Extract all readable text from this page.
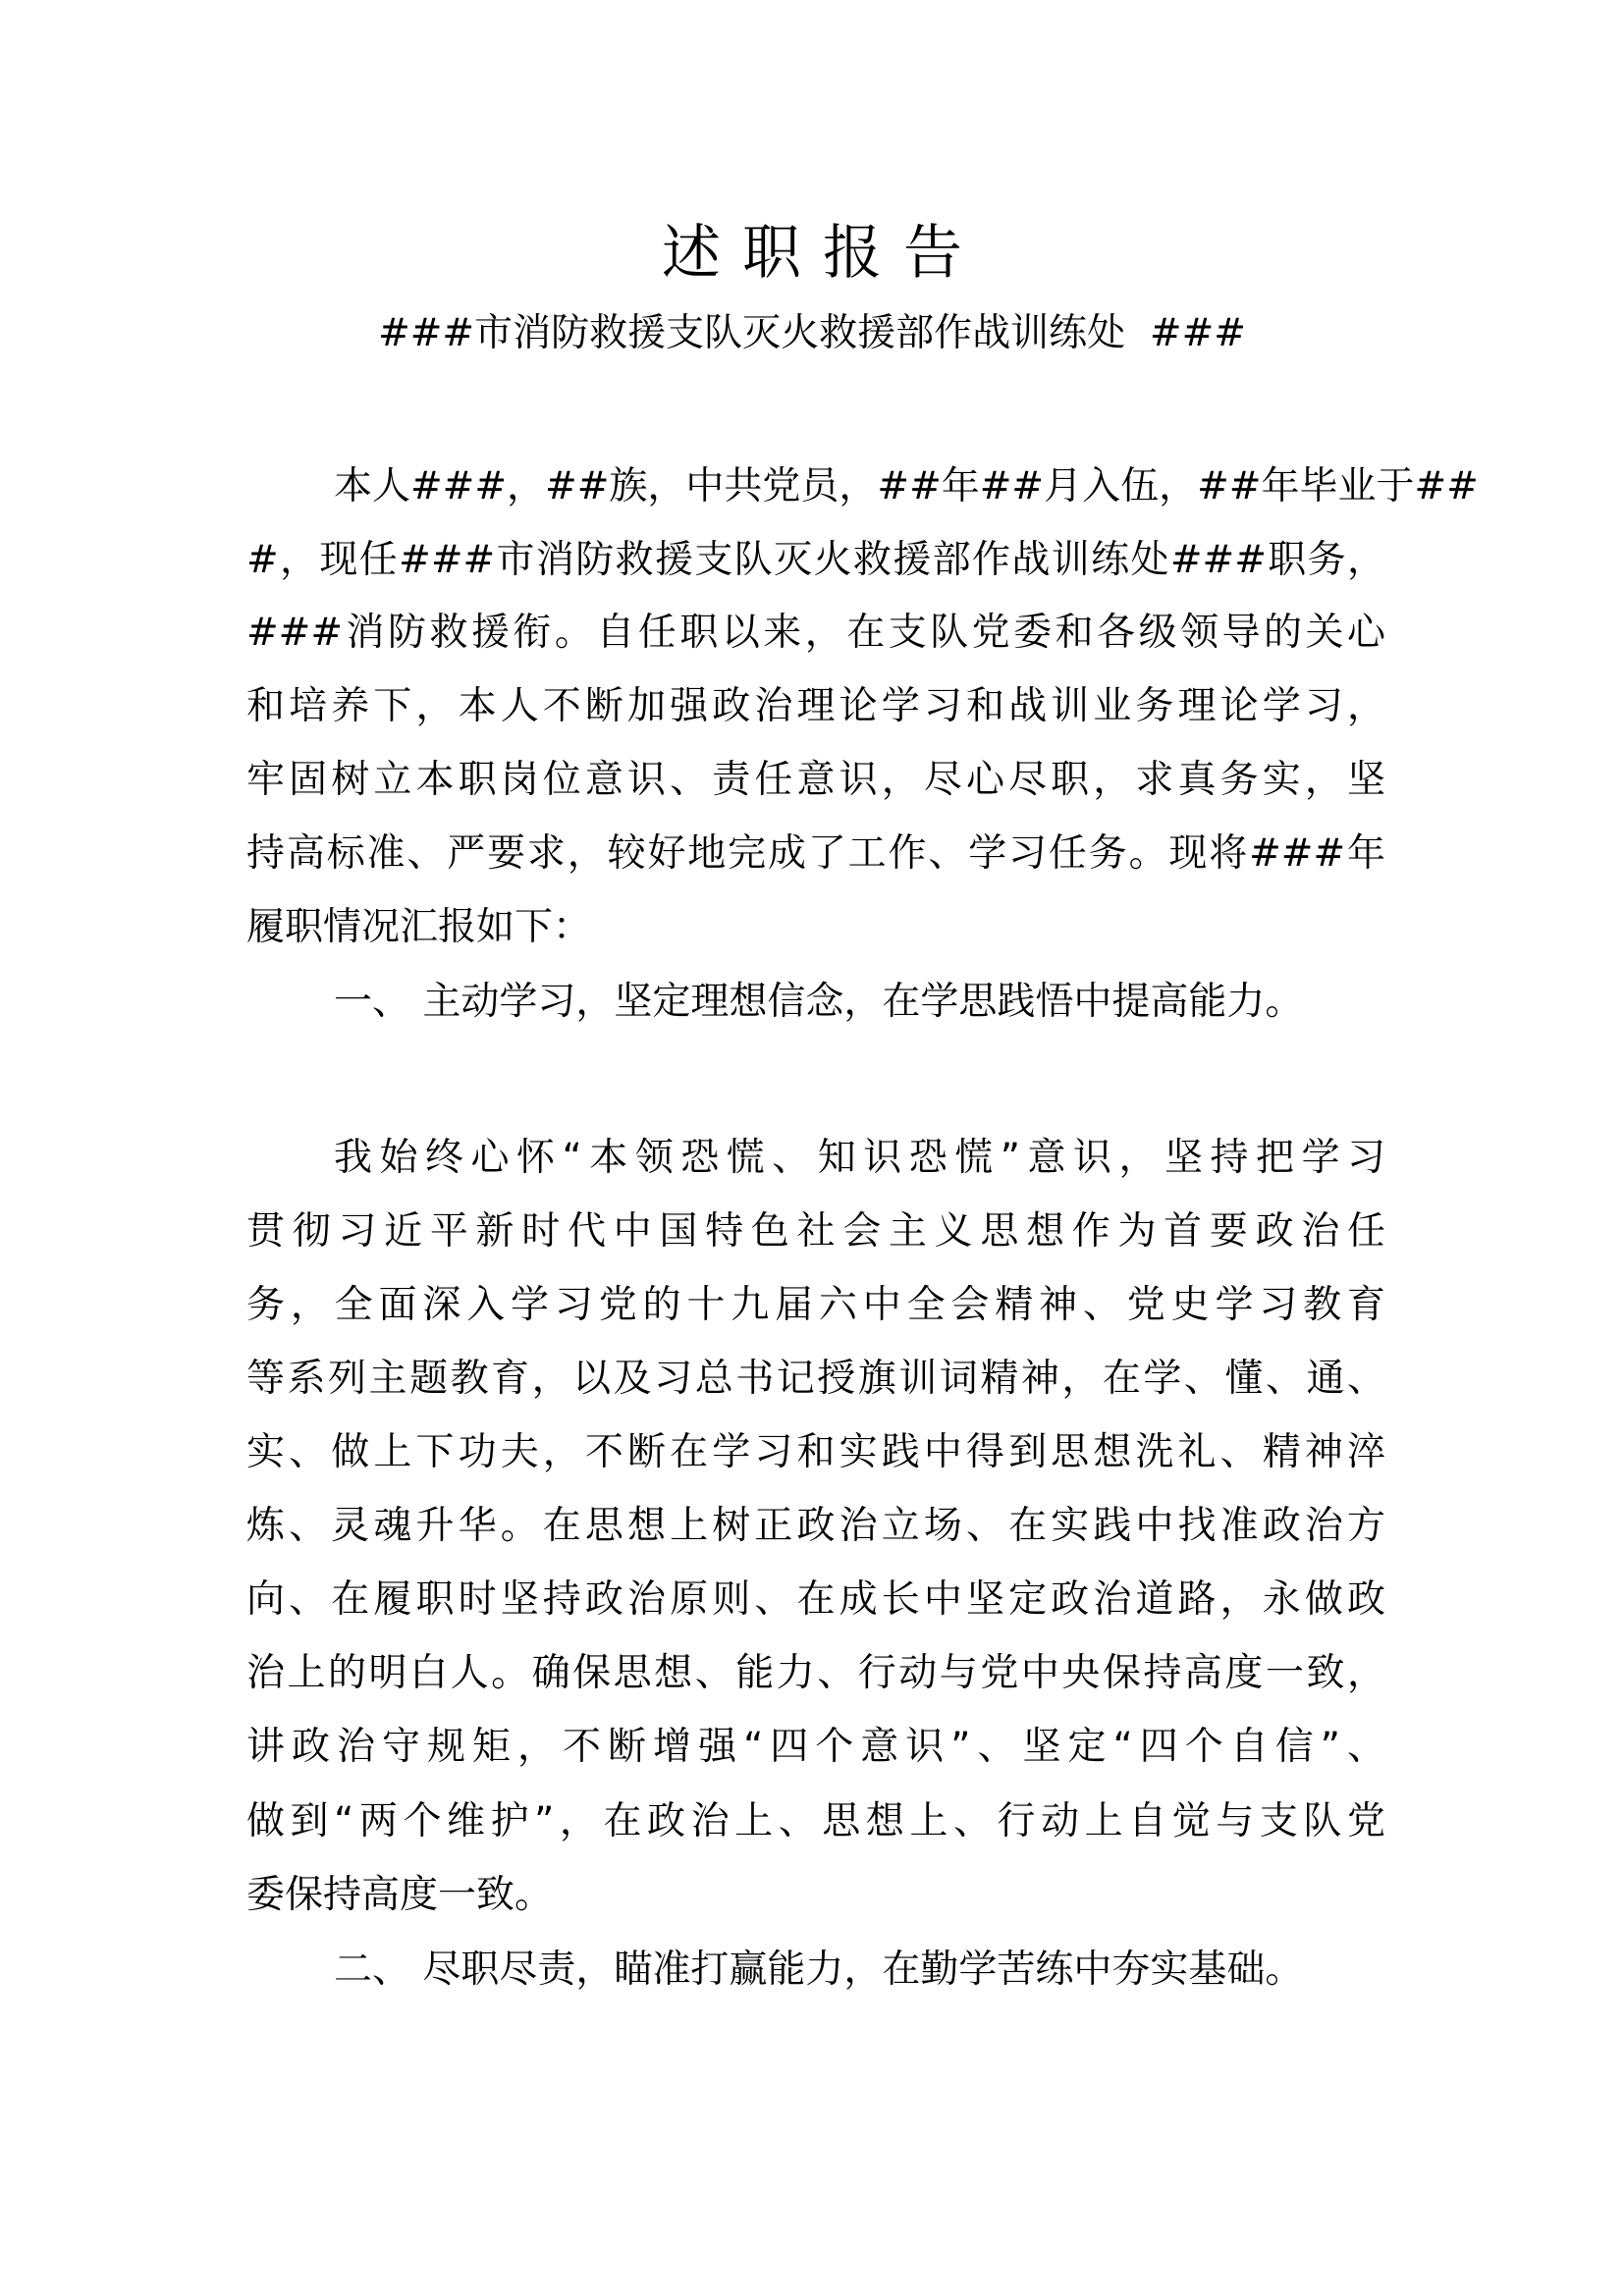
述职报告
###市消防救援支队灭火救援部作战训练处  ###
本人###，##族，中共党员，##年##月入伍，##年毕业于##
#，现任###市消防救援支队灭火救援部作战训练处###职务，
###消防救援衔。自任职以来，在支队党委和各级领导的关心
和培养下，本人不断加强政治理论学习和战训业务理论学习，
牢固树立本职岗位意识、责任意识，尽心尽职，求真务实，坚
持高标准、严要求，较好地完成了工作、学习任务。现将###年
履职情况汇报如下：
一、 主动学习，坚定理想信念，在学思践悟中提高能力。
我始终心怀“本领恐慌、知识恐慌”意识，坚持把学习
贯彻习近平新时代中国特色社会主义思想作为首要政治任
务，全面深入学习党的十九届六中全会精神、党史学习教育
等系列主题教育，以及习总书记授旗训词精神，在学、懂、通、
实、做上下功夫，不断在学习和实践中得到思想洗礼、精神淬
炼、灵魂升华。在思想上树正政治立场、在实践中找准政治方
向、在履职时坚持政治原则、在成长中坚定政治道路，永做政
治上的明白人。确保思想、能力、行动与党中央保持高度一致，
讲政治守规矩，不断增强“四个意识”、坚定“四个自信”、
做到“两个维护”，在政治上、思想上、行动上自觉与支队党
委保持高度一致。
二、 尽职尽责，瞄准打赢能力，在勤学苦练中夯实基础。
